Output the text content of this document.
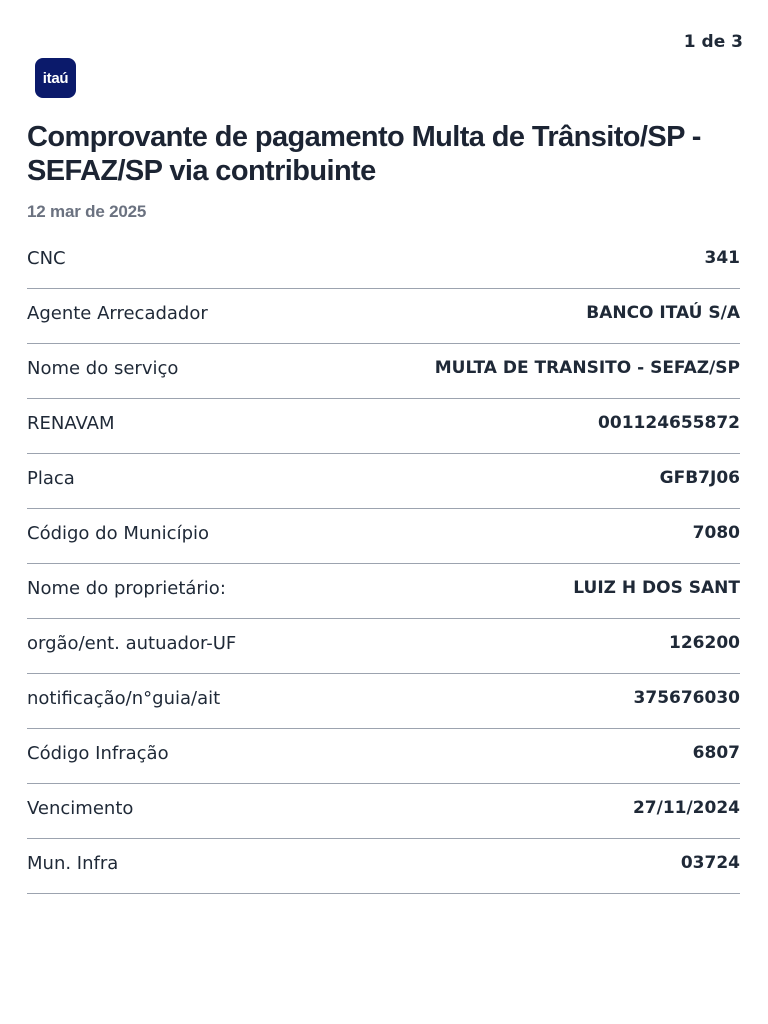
1 de 3
itaú
Comprovante de pagamento Multa de Trânsito/SP - SEFAZ/SP via contribuinte
12 mar de 2025
CNC	341
Agente Arrecadador	BANCO ITAÚ S/A
Nome do serviço	MULTA DE TRANSITO - SEFAZ/SP
RENAVAM	001124655872
Placa	GFB7J06
Código do Município	7080
Nome do proprietário:	LUIZ H DOS SANT
orgão/ent. autuador-UF	126200
notificação/n°guia/ait	375676030
Código Infração	6807
Vencimento	27/11/2024
Mun. Infra	03724
